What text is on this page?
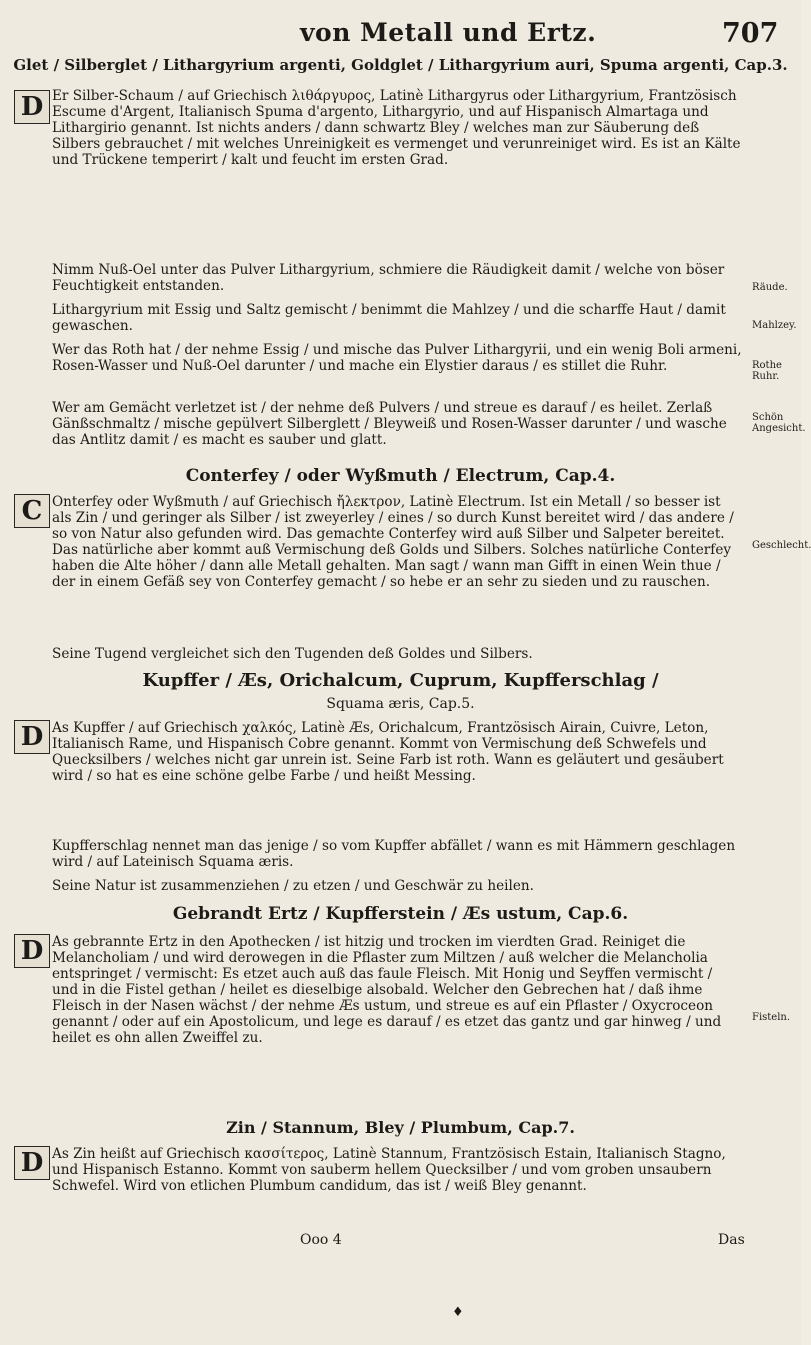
von Metall und Ertz.	707

Glet / Silberglet / Lithargyrium argenti, Goldglet / Lithargyrium auri, Spuma argenti, Cap.3.

D Er Silber-Schaum / auf Griechisch λιθάργυρος, Latinè Lithargyrus oder Lithargyrium, Frantzösisch Escume d'Argent, Italianisch Spuma d'argento, Lithargyrio, und auf Hispanisch Almartaga und Lithargirio genannt. Ist nichts anders / dann schwartz Bley / welches man zur Säuberung deß Silbers gebrauchet / mit welches Unreinigkeit es vermenget und verunreiniget wird. Es ist an Kälte und Trückene temperirt / kalt und feucht im ersten Grad.

Nimm Nuß-Oel unter das Pulver Lithargyrium, schmiere die Räudigkeit damit / welche von böser Feuchtigkeit entstanden.

Lithargyrium mit Essig und Saltz gemischt / benimmt die Mahlzey / und die scharffe Haut / damit gewaschen.

Wer das Roth hat / der nehme Essig / und mische das Pulver Lithargyrii, und ein wenig Boli armeni, Rosen-Wasser und Nuß-Oel darunter / und mache ein Elystier daraus / es stillet die Ruhr.

Wer am Gemächt verletzet ist / der nehme deß Pulvers / und streue es darauf / es heilet. Zerlaß Gänßschmaltz / mische gepülvert Silberglett / Bleyweiß und Rosen-Wasser darunter / und wasche das Antlitz damit / es macht es sauber und glatt.

Räude.
Mahlzey.
Rothe Ruhr.
Schön Angesicht.

Conterfey / oder Wyßmuth / Electrum, Cap.4.

C Onterfey oder Wyßmuth / auf Griechisch ἤλεκτρον, Latinè Electrum. Ist ein Metall / so besser ist als Zin / und geringer als Silber / ist zweyerley / eines / so durch Kunst bereitet wird / das andere / so von Natur also gefunden wird. Das gemachte Conterfey wird auß Silber und Salpeter bereitet. Das natürliche aber kommt auß Vermischung deß Golds und Silbers. Solches natürliche Conterfey haben die Alte höher / dann alle Metall gehalten. Man sagt / wann man Gifft in einen Wein thue / der in einem Gefäß sey von Conterfey gemacht / so hebe er an sehr zu sieden und zu rauschen.

Seine Tugend vergleichet sich den Tugenden deß Goldes und Silbers.

Geschlecht.

Kupffer / Æs, Orichalcum, Cuprum, Kupfferschlag /

Squama æris, Cap.5.

D As Kupffer / auf Griechisch χαλκός, Latinè Æs, Orichalcum, Frantzösisch Airain, Cuivre, Leton, Italianisch Rame, und Hispanisch Cobre genannt. Kommt von Vermischung deß Schwefels und Quecksilbers / welches nicht gar unrein ist. Seine Farb ist roth. Wann es geläutert und gesäubert wird / so hat es eine schöne gelbe Farbe / und heißt Messing.

Kupfferschlag nennet man das jenige / so vom Kupffer abfället / wann es mit Hämmern geschlagen wird / auf Lateinisch Squama æris.

Seine Natur ist zusammenziehen / zu etzen / und Geschwär zu heilen.

Gebrandt Ertz / Kupfferstein / Æs ustum, Cap.6.

D As gebrannte Ertz in den Apothecken / ist hitzig und trocken im vierdten Grad. Reiniget die Melancholiam / und wird derowegen in die Pflaster zum Miltzen / auß welcher die Melancholia entspringet / vermischt: Es etzet auch auß das faule Fleisch. Mit Honig und Seyffen vermischt / und in die Fistel gethan / heilet es dieselbige alsobald. Welcher den Gebrechen hat / daß ihme Fleisch in der Nasen wächst / der nehme Æs ustum, und streue es auf ein Pflaster / Oxycroceon genannt / oder auf ein Apostolicum, und lege es darauf / es etzet das gantz und gar hinweg / und heilet es ohn allen Zweiffel zu.

Fisteln.

Zin / Stannum, Bley / Plumbum, Cap.7.

D As Zin heißt auf Griechisch κασσίτερος, Latinè Stannum, Frantzösisch Estain, Italianisch Stagno, und Hispanisch Estanno. Kommt von sauberm hellem Quecksilber / und vom groben unsaubern Schwefel. Wird von etlichen Plumbum candidum, das ist / weiß Bley genannt.

Ooo 4	Das
♦
